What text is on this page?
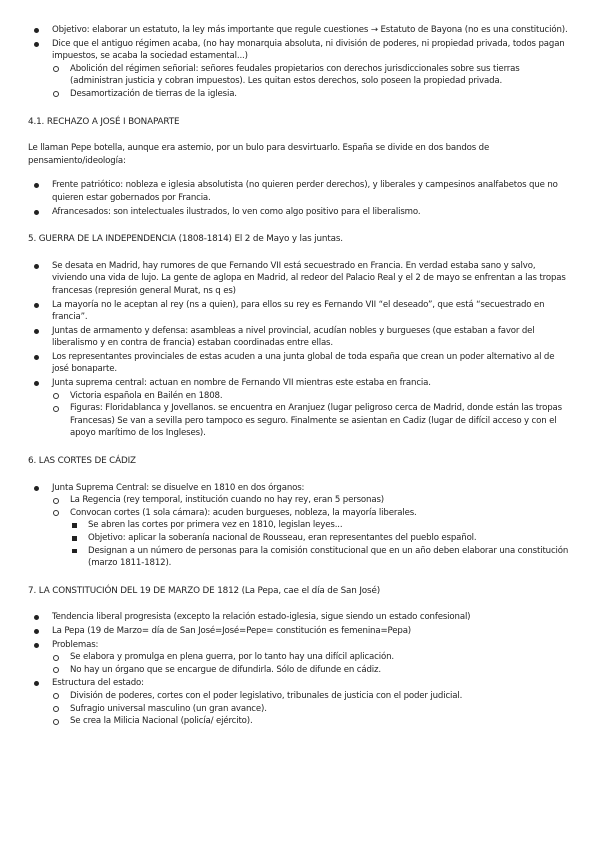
Objetivo: elaborar un estatuto, la ley más importante que regule cuestiones → Estatuto de Bayona (no es una constitución).
Dice que el antiguo régimen acaba, (no hay monarquia absoluta, ni división de poderes, ni propiedad privada, todos pagan impuestos, se acaba la sociedad estamental...)
Abolición del régimen señorial: señores feudales propietarios con derechos jurisdiccionales sobre sus tierras (administran justicia y cobran impuestos). Les quitan estos derechos, solo poseen la propiedad privada.
Desamortización de tierras de la iglesia.
4.1. RECHAZO A JOSÉ I BONAPARTE

Le llaman Pepe botella, aunque era astemio, por un bulo para desvirtuarlo. España se divide en dos bandos de pensamiento/ideología:

Frente patriótico: nobleza e iglesia absolutista (no quieren perder derechos), y liberales y campesinos analfabetos que no quieren estar gobernados por Francia.
Afrancesados: son intelectuales ilustrados, lo ven como algo positivo para el liberalismo.
5. GUERRA DE LA INDEPENDENCIA (1808-1814) El 2 de Mayo y las juntas.
Se desata en Madrid, hay rumores de que Fernando VII está secuestrado en Francia. En verdad estaba sano y salvo, viviendo una vida de lujo. La gente de aglopa en Madrid, al redeor del Palacio Real y el 2 de mayo se enfrentan a las tropas francesas (represión general Murat, ns q es)
La mayoría no le aceptan al rey (ns a quien), para ellos su rey es Fernando VII “el deseado”, que está “secuestrado en francia”.
Juntas de armamento y defensa: asambleas a nivel provincial, acudían nobles y burgueses (que estaban a favor del liberalismo y en contra de francia) estaban coordinadas entre ellas.
Los representantes provinciales de estas acuden a una junta global de toda españa que crean un poder alternativo al de josé bonaparte.
Junta suprema central: actuan en nombre de Fernando VII mientras este estaba en francia.
Victoria española en Bailén en 1808.
Figuras: Floridablanca y Jovellanos. se encuentra en Aranjuez (lugar peligroso cerca de Madrid, donde están las tropas Francesas) Se van a sevilla pero tampoco es seguro. Finalmente se asientan en Cadiz (lugar de difícil acceso y con el apoyo marítimo de los Ingleses).
6. LAS CORTES DE CÁDIZ
Junta Suprema Central: se disuelve en 1810 en dos órganos:
La Regencia (rey temporal, institución cuando no hay rey, eran 5 personas)
Convocan cortes (1 sola cámara): acuden burgueses, nobleza, la mayoría liberales.
Se abren las cortes por primera vez en 1810, legislan leyes...
Objetivo: aplicar la soberanía nacional de Rousseau, eran representantes del pueblo español.
Designan a un número de personas para la comisión constitucional que en un año deben elaborar una constitución (marzo 1811-1812).
7. LA CONSTITUCIÓN DEL 19 DE MARZO DE 1812 (La Pepa, cae el día de San José)
Tendencia liberal progresista (excepto la relación estado-iglesia, sigue siendo un estado confesional)
La Pepa (19 de Marzo= día de San José=José=Pepe= constitución es femenina=Pepa)
Problemas:
Se elabora y promulga en plena guerra, por lo tanto hay una difícil aplicación.
No hay un órgano que se encargue de difundirla. Sólo de difunde en cádiz.
Estructura del estado:
División de poderes, cortes con el poder legislativo, tribunales de justicia con el poder judicial.
Sufragio universal masculino (un gran avance).
Se crea la Milicia Nacional (policía/ ejército).
